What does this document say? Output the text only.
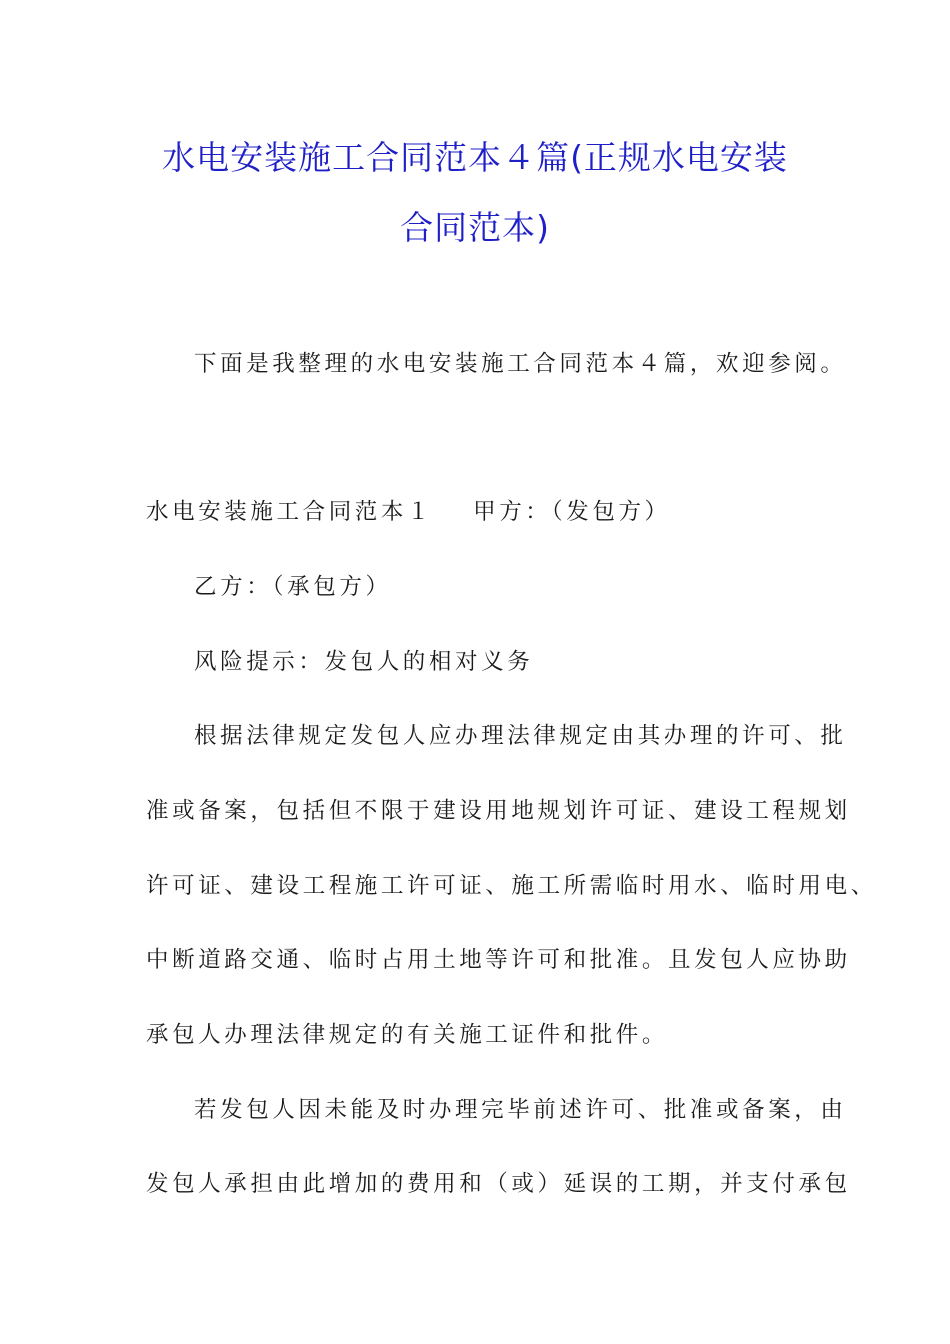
水电安装施工合同范本４篇(正规水电安装
合同范本)
下面是我整理的水电安装施工合同范本４篇，欢迎参阅。
水电安装施工合同范本１ 甲方：（发包方）
乙方：（承包方）
风险提示：发包人的相对义务
根据法律规定发包人应办理法律规定由其办理的许可、批
准或备案，包括但不限于建设用地规划许可证、建设工程规划
许可证、建设工程施工许可证、施工所需临时用水、临时用电、
中断道路交通、临时占用土地等许可和批准。且发包人应协助
承包人办理法律规定的有关施工证件和批件。
若发包人因未能及时办理完毕前述许可、批准或备案，由
发包人承担由此增加的费用和（或）延误的工期，并支付承包
